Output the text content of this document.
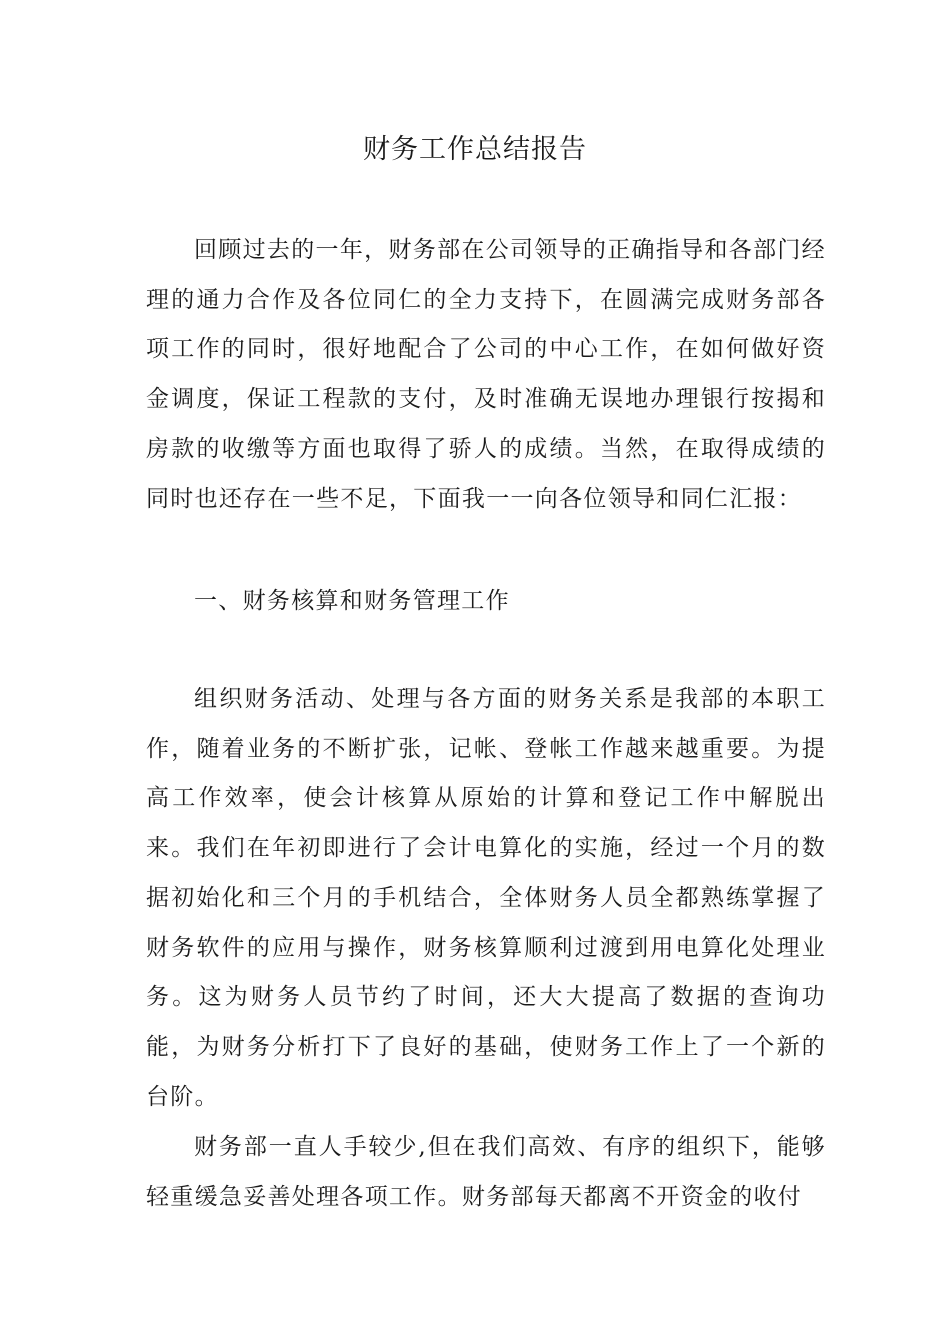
财务工作总结报告

回顾过去的一年，财务部在公司领导的正确指导和各部门经理的通力合作及各位同仁的全力支持下，在圆满完成财务部各项工作的同时，很好地配合了公司的中心工作，在如何做好资金调度，保证工程款的支付，及时准确无误地办理银行按揭和房款的收缴等方面也取得了骄人的成绩。当然，在取得成绩的同时也还存在一些不足，下面我一一向各位领导和同仁汇报：

一、财务核算和财务管理工作

组织财务活动、处理与各方面的财务关系是我部的本职工作，随着业务的不断扩张，记帐、登帐工作越来越重要。为提高工作效率，使会计核算从原始的计算和登记工作中解脱出来。我们在年初即进行了会计电算化的实施，经过一个月的数据初始化和三个月的手机结合，全体财务人员全都熟练掌握了财务软件的应用与操作，财务核算顺利过渡到用电算化处理业务。这为财务人员节约了时间，还大大提高了数据的查询功能，为财务分析打下了良好的基础，使财务工作上了一个新的台阶。

财务部一直人手较少,但在我们高效、有序的组织下，能够轻重缓急妥善处理各项工作。财务部每天都离不开资金的收付
